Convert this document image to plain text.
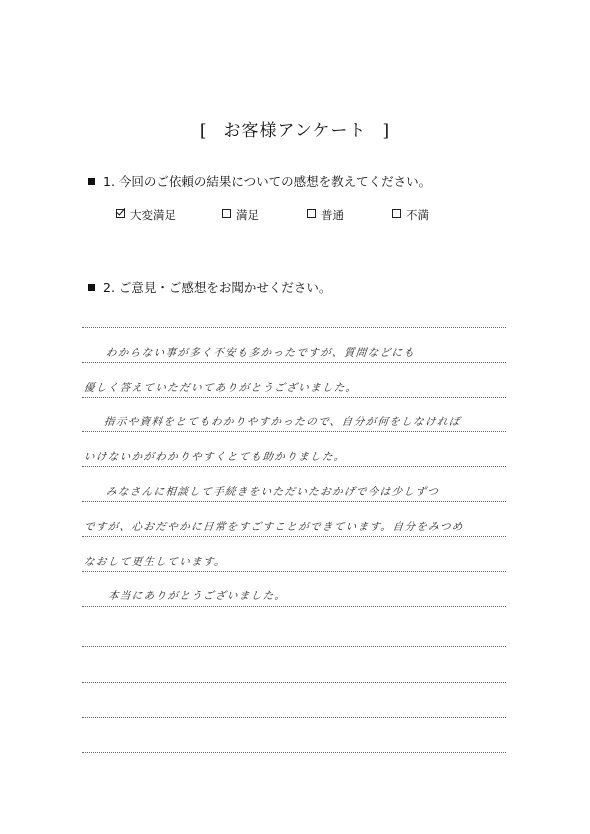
[ お客様アンケート ]
1. 今回のご依頼の結果についての感想を教えてください。
大変満足	満足	普通	不満
2. ご意見・ご感想をお聞かせください。
わからない事が多く不安も多かったですが、質問などにも
優しく答えていただいてありがとうございました。
指示や資料をとてもわかりやすかったので、自分が何をしなければ
いけないかがわかりやすくとても助かりました。
みなさんに相談して手続きをいただいたおかげで今は少しずつ
ですが、心おだやかに日常をすごすことができています。自分をみつめ
なおして更生しています。
本当にありがとうございました。
